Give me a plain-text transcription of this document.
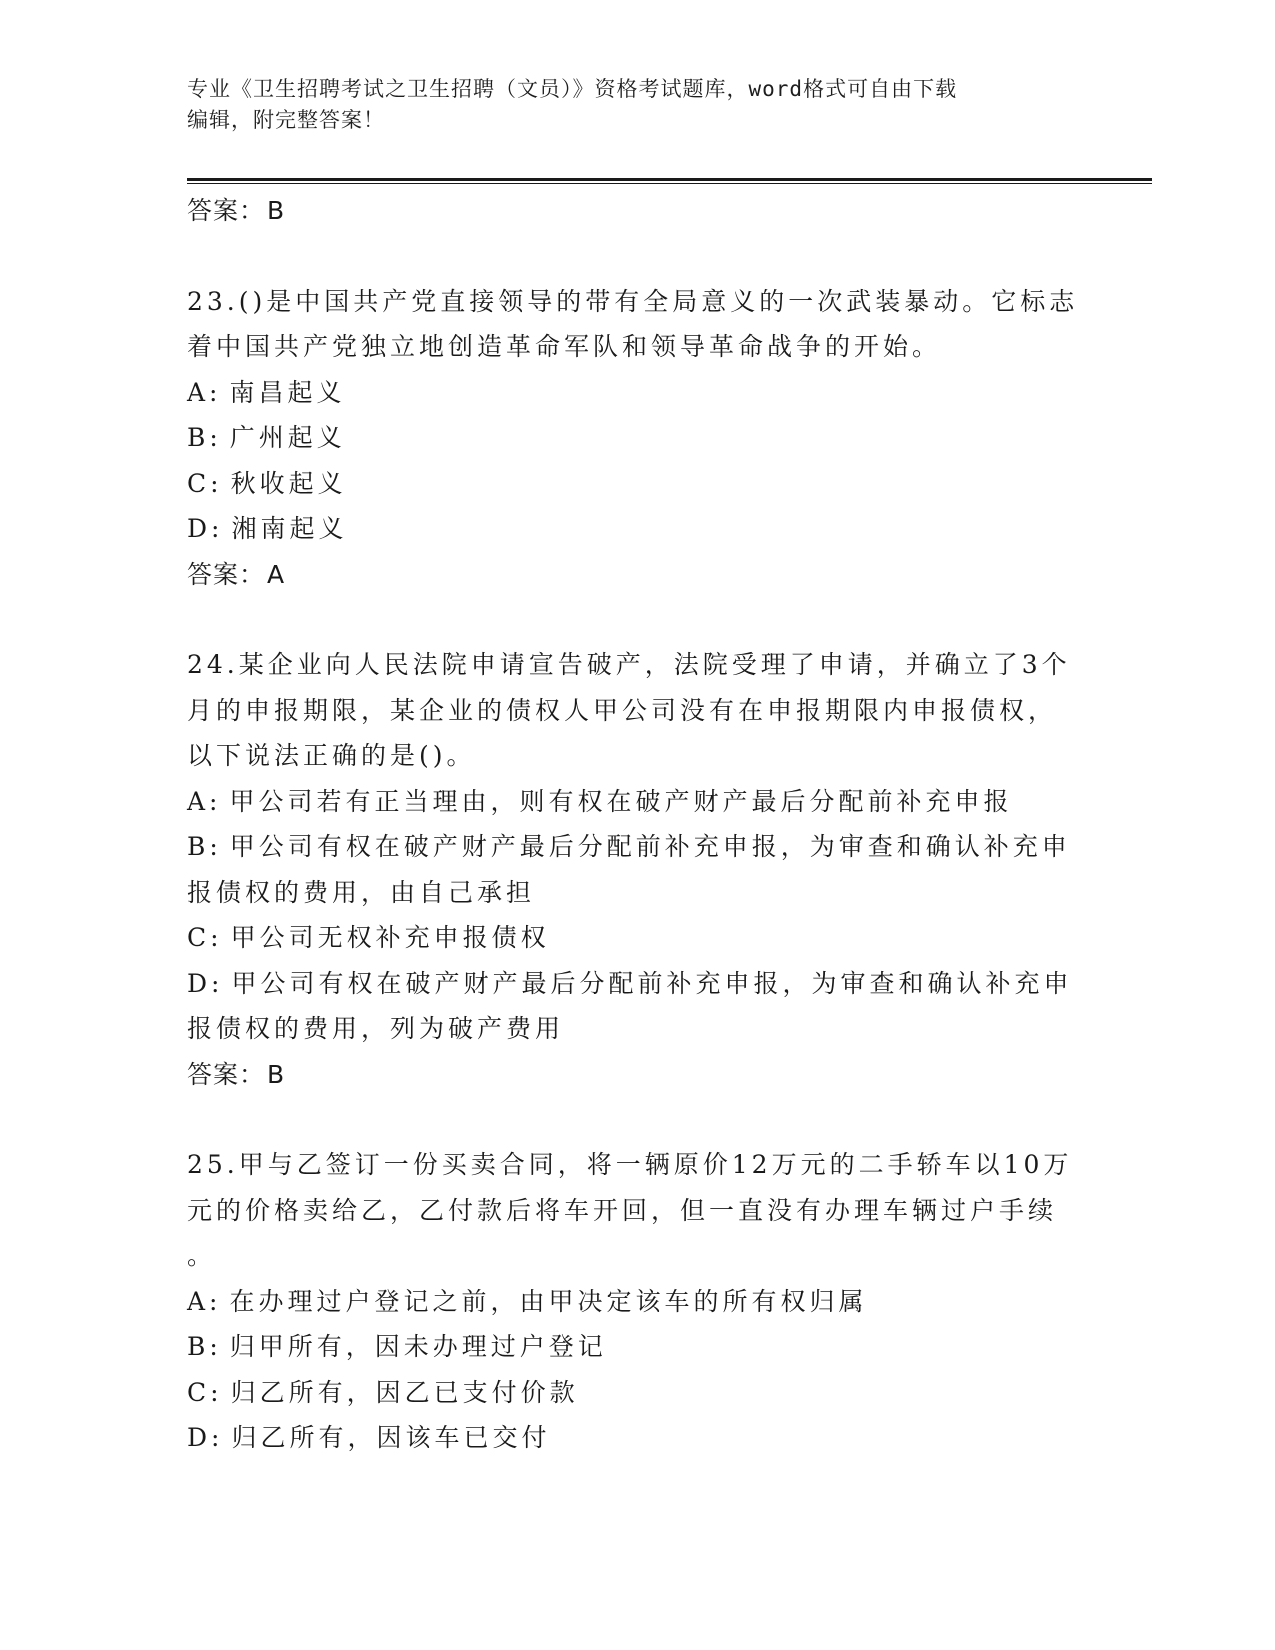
专业《卫生招聘考试之卫生招聘（文员）》资格考试题库，word格式可自由下载
编辑，附完整答案！
答案：B
23.()是中国共产党直接领导的带有全局意义的一次武装暴动。它标志
着中国共产党独立地创造革命军队和领导革命战争的开始。
A: 南昌起义
B: 广州起义
C: 秋收起义
D: 湘南起义
答案：A
24.某企业向人民法院申请宣告破产，法院受理了申请，并确立了3个
月的申报期限，某企业的债权人甲公司没有在申报期限内申报债权，
以下说法正确的是()。
A: 甲公司若有正当理由，则有权在破产财产最后分配前补充申报
B: 甲公司有权在破产财产最后分配前补充申报，为审查和确认补充申
报债权的费用，由自己承担
C: 甲公司无权补充申报债权
D: 甲公司有权在破产财产最后分配前补充申报，为审查和确认补充申
报债权的费用，列为破产费用
答案：B
25.甲与乙签订一份买卖合同，将一辆原价12万元的二手轿车以10万
元的价格卖给乙，乙付款后将车开回，但一直没有办理车辆过户手续
。
A: 在办理过户登记之前，由甲决定该车的所有权归属
B: 归甲所有，因未办理过户登记
C: 归乙所有，因乙已支付价款
D: 归乙所有，因该车已交付
